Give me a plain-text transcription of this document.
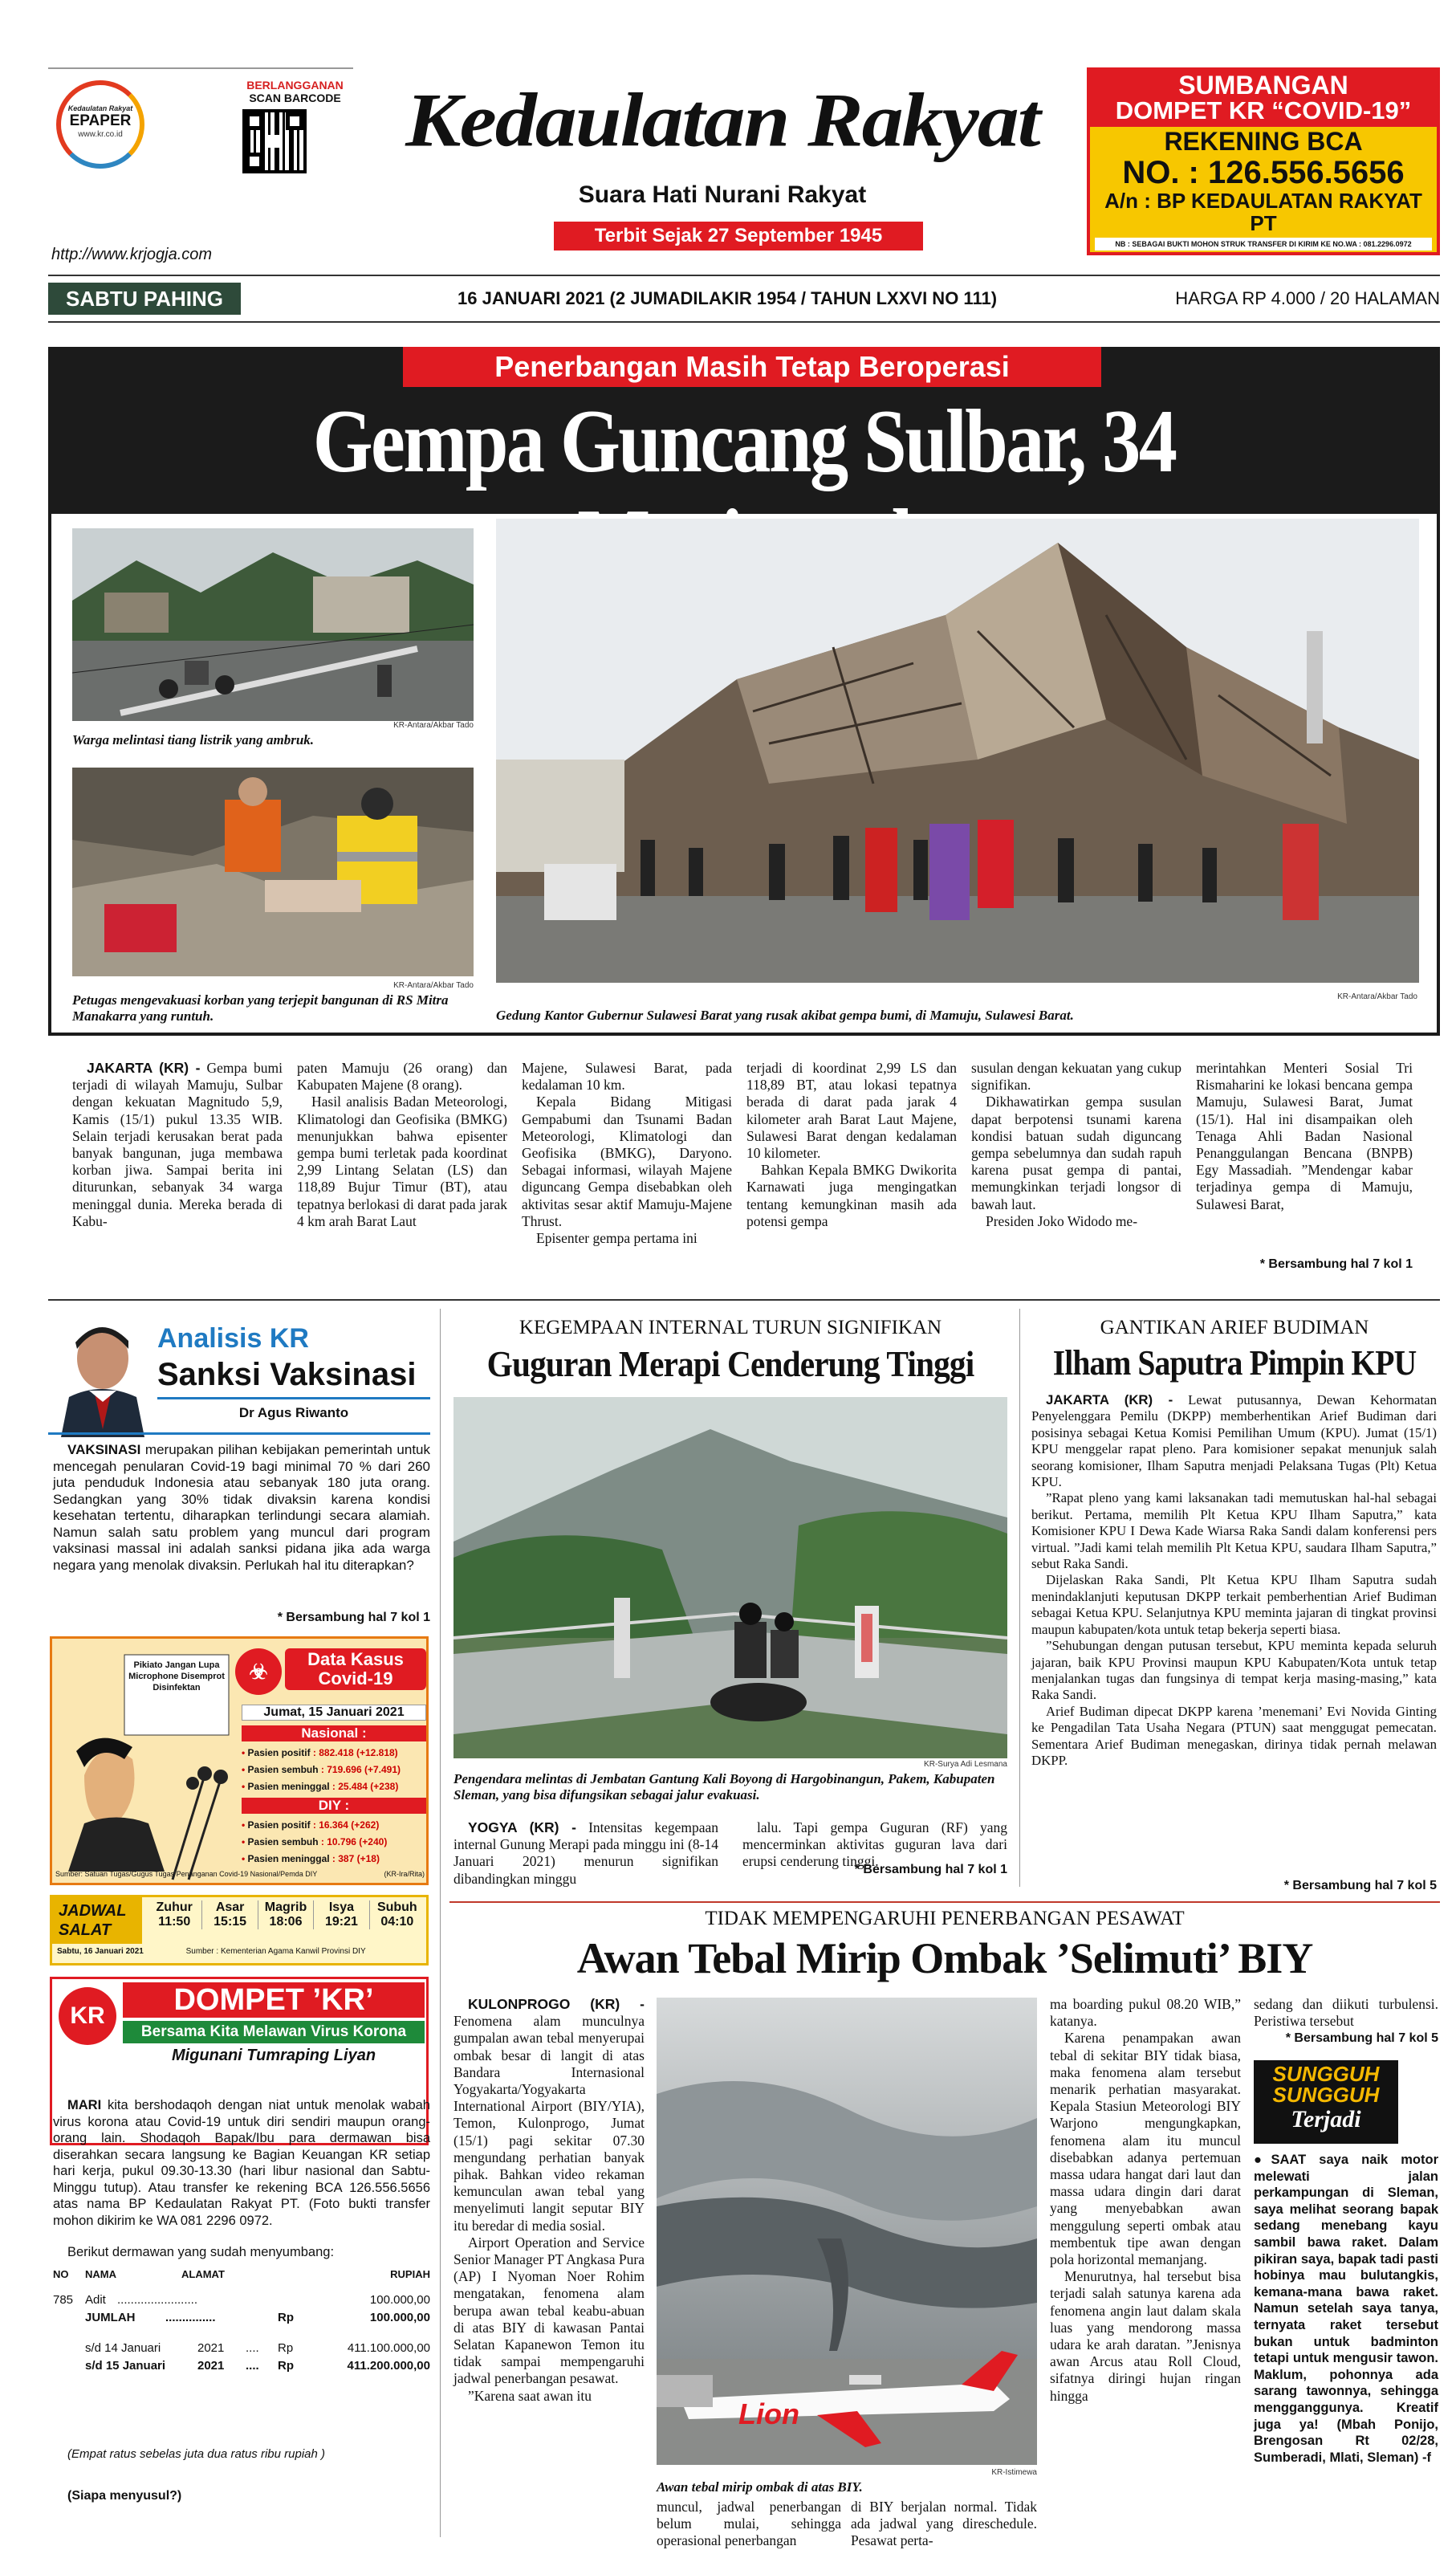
Kedaulatan Rakyat
EPAPER
www.kr.co.id
BERLANGGANAN
SCAN BARCODE
http://www.krjogja.com
Kedaulatan Rakyat
Suara Hati Nurani Rakyat
Terbit Sejak 27 September 1945
SUMBANGAN
DOMPET KR “COVID-19”
REKENING BCA
NO. : 126.556.5656
A/n : BP KEDAULATAN RAKYAT PT
NB : SEBAGAI BUKTI MOHON STRUK TRANSFER DI KIRIM KE NO.WA : 081.2296.0972
SABTU PAHING	16 JANUARI 2021 (2 JUMADILAKIR 1954 / TAHUN LXXVI NO 111)	HARGA RP 4.000 / 20 HALAMAN
Penerbangan Masih Tetap Beroperasi
Gempa Guncang Sulbar, 34
KR-Antara/Akbar Tado
Warga melintasi tiang listrik yang ambruk.
KR-Antara/Akbar Tado
Petugas mengevakuasi korban yang terjepit bangunan di RS Mitra Manakarra yang runtuh.
KR-Antara/Akbar Tado
Gedung Kantor Gubernur Sulawesi Barat yang rusak akibat gempa bumi, di Mamuju, Sulawesi Barat.

JAKARTA (KR) - Gempa bumi terjadi di wilayah Mamuju, Sulbar dengan kekuatan Magnitudo 5,9, Kamis (15/1) pukul 13.35 WIB. Selain terjadi kerusakan berat pada banyak bangunan, juga membawa korban jiwa. Sampai berita ini diturunkan, sebanyak 34 warga meninggal dunia. Mereka berada di Kabu-

paten Mamuju (26 orang) dan Kabupaten Majene (8 orang).

Hasil analisis Badan Meteorologi, Klimatologi dan Geofisika (BMKG) menunjukkan bahwa episenter gempa bumi terletak pada koordinat 2,99 Lintang Selatan (LS) dan 118,89 Bujur Timur (BT), atau tepatnya berlokasi di darat pada jarak 4 km arah Barat Laut

Majene, Sulawesi Barat, pada kedalaman 10 km.

Kepala Bidang Mitigasi Gempabumi dan Tsunami Badan Meteorologi, Klimatologi dan Geofisika (BMKG), Daryono. Sebagai informasi, wilayah Majene diguncang Gempa disebabkan oleh aktivitas sesar aktif Mamuju-Majene Thrust.

Episenter gempa pertama ini

terjadi di koordinat 2,99 LS dan 118,89 BT, atau lokasi tepatnya berada di darat pada jarak 4 kilometer arah Barat Laut Majene, Sulawesi Barat dengan kedalaman 10 kilometer.

Bahkan Kepala BMKG Dwikorita Karnawati juga mengingatkan tentang kemungkinan masih ada potensi gempa

susulan dengan kekuatan yang cukup signifikan.

Dikhawatirkan gempa susulan dapat berpotensi tsunami karena kondisi batuan sudah diguncang gempa sebelumnya dan sudah rapuh karena pusat gempa di pantai, memungkinkan terjadi longsor di bawah laut.

Presiden Joko Widodo me-

merintahkan Menteri Sosial Tri Rismaharini ke lokasi bencana gempa Mamuju, Sulawesi Barat, Jumat (15/1). Hal ini disampaikan oleh Tenaga Ahli Badan Nasional Penanggulangan Bencana (BNPB) Egy Massadiah. ”Mendengar kabar terjadinya gempa di Mamuju, Sulawesi Barat,

* Bersambung hal 7 kol 1
Analisis KR
Sanksi Vaksinasi
Dr Agus Riwanto
VAKSINASI merupakan pilihan kebijakan pemerintah untuk mencegah penularan Covid-19 bagi minimal 70 % dari 260 juta penduduk Indonesia atau sebanyak 180 juta orang. Sedangkan yang 30% tidak divaksin karena kondisi kesehatan tertentu, diharapkan terlindungi secara alamiah. Namun salah satu problem yang muncul dari program vaksinasi massal ini adalah sanksi pidana jika ada warga negara yang menolak divaksin. Perlukah hal itu diterapkan?
* Bersambung hal 7 kol 1
Pikiato Jangan Lupa Microphone Disemprot Disinfektan
☣
Data Kasus
Covid-19
Jumat, 15 Januari 2021
Nasional :
• Pasien positif : 882.418 (+12.818)
• Pasien sembuh : 719.696 (+7.491)
• Pasien meninggal : 25.484 (+238)
DIY :
• Pasien positif : 16.364 (+262)
• Pasien sembuh : 10.796 (+240)
• Pasien meninggal : 387 (+18)
Sumber: Satuan Tugas/Gugus Tugas Penanganan Covid-19 Nasional/Pemda DIY	(KR-Ira/Rita)
JADWAL
SALAT
Zuhur
11:50
Asar
15:15
Magrib
18:06
Isya
19:21
Subuh
04:10
Sabtu, 16 Januari 2021	Sumber : Kementerian Agama Kanwil Provinsi DIY
KR	DOMPET ’KR’
Bersama Kita Melawan Virus Korona
Migunani Tumraping Liyan
MARI kita bershodaqoh dengan niat untuk menolak wabah virus korona atau Covid-19 untuk diri sendiri maupun orang-orang lain. Shodaqoh Bapak/Ibu para dermawan bisa diserahkan secara langsung ke Bagian Keuangan KR setiap hari kerja, pukul 09.30-13.30 (hari libur nasional dan Sabtu-Minggu tutup). Atau transfer ke rekening BCA 126.556.5656 atas nama BP Kedaulatan Rakyat PT. (Foto bukti transfer mohon dikirim ke WA 081 2296 0972.
Berikut dermawan yang sudah menyumbang:
NO	NAMA	ALAMAT	RUPIAH
785 Adit ........................	100.000,00
JUMLAH	...............	Rp	100.000,00
s/d 14 Januari	2021	....	Rp	411.100.000,00
s/d 15 Januari	2021	....	Rp	411.200.000,00
(Empat ratus sebelas juta dua ratus ribu rupiah )
(Siapa menyusul?)
KEGEMPAAN INTERNAL TURUN SIGNIFIKAN
Guguran Merapi Cenderung Tinggi
KR-Surya Adi Lesmana
Pengendara melintas di Jembatan Gantung Kali Boyong di Hargobinangun, Pakem, Kabupaten Sleman, yang bisa difungsikan sebagai jalur evakuasi.

YOGYA (KR) - Intensitas kegempaan internal Gunung Merapi pada minggu ini (8-14 Januari 2021) menurun signifikan dibandingkan minggu

lalu. Tapi gempa Guguran (RF) yang mencerminkan aktivitas guguran lava dari erupsi cenderung tinggi.

* Bersambung hal 7 kol 1
GANTIKAN ARIEF BUDIMAN
Ilham Saputra Pimpin KPU

JAKARTA (KR) - Lewat putusannya, Dewan Kehormatan Penyelenggara Pemilu (DKPP) memberhentikan Arief Budiman dari posisinya sebagai Ketua Komisi Pemilihan Umum (KPU). Jumat (15/1) KPU menggelar rapat pleno. Para komisioner sepakat menunjuk salah seorang komisioner, Ilham Saputra menjadi Pelaksana Tugas (Plt) Ketua KPU.

”Rapat pleno yang kami laksanakan tadi memutuskan hal-hal sebagai berikut. Pertama, memilih Plt Ketua KPU Ilham Saputra,” kata Komisioner KPU I Dewa Kade Wiarsa Raka Sandi dalam konferensi pers virtual. ”Jadi kami telah memilih Plt Ketua KPU, saudara Ilham Saputra,” sebut Raka Sandi.

Dijelaskan Raka Sandi, Plt Ketua KPU Ilham Saputra sudah menindaklanjuti keputusan DKPP terkait pemberhentian Arief Budiman sebagai Ketua KPU. Selanjutnya KPU meminta jajaran di tingkat provinsi maupun kabupaten/kota untuk tetap bekerja seperti biasa.

”Sehubungan dengan putusan tersebut, KPU meminta kepada seluruh jajaran, baik KPU Provinsi maupun KPU Kabupaten/Kota untuk tetap menjalankan tugas dan fungsinya di tempat kerja masing-masing,” kata Raka Sandi.

Arief Budiman dipecat DKPP karena ’menemani’ Evi Novida Ginting ke Pengadilan Tata Usaha Negara (PTUN) saat menggugat pemecatan. Sementara Arief Budiman menegaskan, dirinya tidak pernah melawan DKPP.

* Bersambung hal 7 kol 5
TIDAK MEMPENGARUHI PENERBANGAN PESAWAT
Awan Tebal Mirip Ombak ’Selimuti’ BIY

KULONPROGO (KR) - Fenomena alam munculnya gumpalan awan tebal menyerupai ombak besar di langit di atas Bandara Internasional Yogyakarta/Yogyakarta International Airport (BIY/YIA), Temon, Kulonprogo, Jumat (15/1) pagi sekitar 07.30 mengundang perhatian banyak pihak. Bahkan video rekaman kemunculan awan tebal yang menyelimuti langit seputar BIY itu beredar di media sosial.

Airport Operation and Service Senior Manager PT Angkasa Pura (AP) I Nyoman Noer Rohim mengatakan, fenomena alam berupa awan tebal keabu-abuan di atas BIY di kawasan Pantai Selatan Kapanewon Temon itu tidak sampai mempengaruhi jadwal penerbangan pesawat.

”Karena saat awan itu

Lion
KR-Istimewa
Awan tebal mirip ombak di atas BIY.

muncul, jadwal penerbangan belum mulai, sehingga operasional penerbangan

di BIY berjalan normal. Tidak ada jadwal yang direschedule. Pesawat perta-

ma boarding pukul 08.20 WIB,” katanya.

Karena penampakan awan tebal di sekitar BIY tidak biasa, maka fenomena alam tersebut menarik perhatian masyarakat. Kepala Stasiun Meteorologi BIY Warjono mengungkapkan, fenomena alam itu muncul disebabkan adanya pertemuan massa udara hangat dari laut dan massa udara dingin dari darat yang menyebabkan awan menggulung seperti ombak atau membentuk tipe awan dengan pola horizontal memanjang.

Menurutnya, hal tersebut bisa terjadi salah satunya karena ada fenomena angin laut dalam skala luas yang mendorong massa udara ke arah daratan. ”Jenisnya awan Arcus atau Roll Cloud, sifatnya diringi hujan ringan hingga

sedang dan diikuti turbulensi. Peristiwa tersebut

* Bersambung hal 7 kol 5
SUNGGUH
SUNGGUH
Terjadi
●SAAT saya naik motor melewati jalan perkampungan di Sleman, saya melihat seorang bapak sedang menebang kayu sambil bawa raket. Dalam pikiran saya, bapak tadi pasti hobinya mau bulutangkis, kemana-mana bawa raket. Namun setelah saya tanya, ternyata raket tersebut bukan untuk badminton tetapi untuk mengusir tawon. Maklum, pohonnya ada sarang tawonnya, sehingga mengganggunya. Kreatif juga ya! (Mbah Ponijo, Brengosan Rt 02/28, Sumberadi, Mlati, Sleman) -f
